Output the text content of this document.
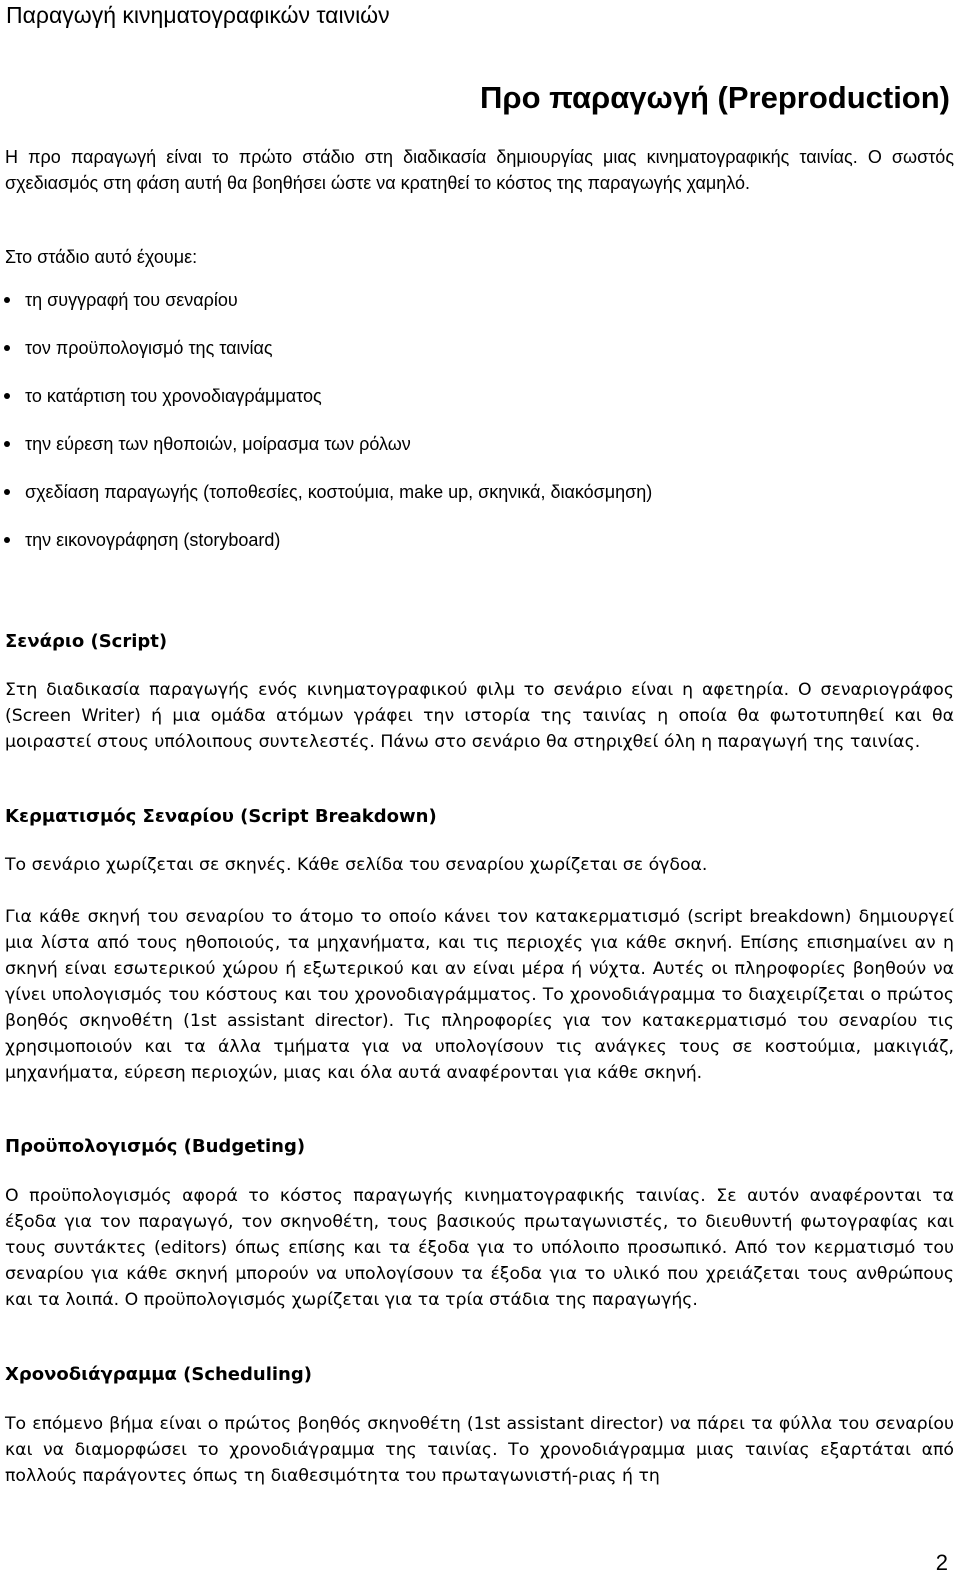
Παραγωγή κινηματογραφικών ταινιών
Προ παραγωγή (Preproduction)

Η προ παραγωγή είναι το πρώτο στάδιο στη διαδικασία δημιουργίας μιας κινηματογραφικής ταινίας. Ο σωστός σχεδιασμός στη φάση αυτή θα βοηθήσει ώστε να κρατηθεί το κόστος της παραγωγής χαμηλό.

Στο στάδιο αυτό έχουμε:

τη συγγραφή του σεναρίου
τον προϋπολογισμό της ταινίας
το κατάρτιση του χρονοδιαγράμματος
την εύρεση των ηθοποιών, μοίρασμα των ρόλων
σχεδίαση παραγωγής (τοποθεσίες, κοστούμια, make up, σκηνικά, διακόσμηση)
την εικονογράφηση (storyboard)
Σενάριο (Script)

Στη διαδικασία παραγωγής ενός κινηματογραφικού φιλμ το σενάριο είναι η αφετηρία. Ο σεναριογράφος (Screen Writer) ή μια ομάδα ατόμων γράφει την ιστορία της ταινίας η οποία θα φωτοτυπηθεί και θα μοιραστεί στους υπόλοιπους συντελεστές. Πάνω στο σενάριο θα στηριχθεί όλη η παραγωγή της ταινίας.

Κερματισμός Σεναρίου (Script Breakdown)

Το σενάριο χωρίζεται σε σκηνές. Κάθε σελίδα του σεναρίου χωρίζεται σε όγδοα.

Για κάθε σκηνή του σεναρίου το άτομο το οποίο κάνει τον κατακερματισμό (script breakdown) δημιουργεί μια λίστα από τους ηθοποιούς, τα μηχανήματα, και τις περιοχές για κάθε σκηνή. Επίσης επισημαίνει αν η σκηνή είναι εσωτερικού χώρου ή εξωτερικού και αν είναι μέρα ή νύχτα. Αυτές οι πληροφορίες βοηθούν να γίνει υπολογισμός του κόστους και του χρονοδιαγράμματος. Το χρονοδιάγραμμα το διαχειρίζεται ο πρώτος βοηθός σκηνοθέτη (1st assistant director). Τις πληροφορίες για τον κατακερματισμό του σεναρίου τις χρησιμοποιούν και τα άλλα τμήματα για να υπολογίσουν τις ανάγκες τους σε κοστούμια, μακιγιάζ, μηχανήματα, εύρεση περιοχών, μιας και όλα αυτά αναφέρονται για κάθε σκηνή.

Προϋπολογισμός (Budgeting)

Ο προϋπολογισμός αφορά το κόστος παραγωγής κινηματογραφικής ταινίας. Σε αυτόν αναφέρονται τα έξοδα για τον παραγωγό, τον σκηνοθέτη, τους βασικούς πρωταγωνιστές, το διευθυντή φωτογραφίας και τους συντάκτες (editors) όπως επίσης και τα έξοδα για το υπόλοιπο προσωπικό. Από τον κερματισμό του σεναρίου για κάθε σκηνή μπορούν να υπολογίσουν τα έξοδα για το υλικό που χρειάζεται τους ανθρώπους και τα λοιπά. Ο προϋπολογισμός χωρίζεται για τα τρία στάδια της παραγωγής.

Χρονοδιάγραμμα (Scheduling)

Το επόμενο βήμα είναι ο πρώτος βοηθός σκηνοθέτη (1st assistant director) να πάρει τα φύλλα του σεναρίου και να διαμορφώσει το χρονοδιάγραμμα της ταινίας. Το χρονοδιάγραμμα μιας ταινίας εξαρτάται από πολλούς παράγοντες όπως τη διαθεσιμότητα του πρωταγωνιστή-ριας ή τη

2
